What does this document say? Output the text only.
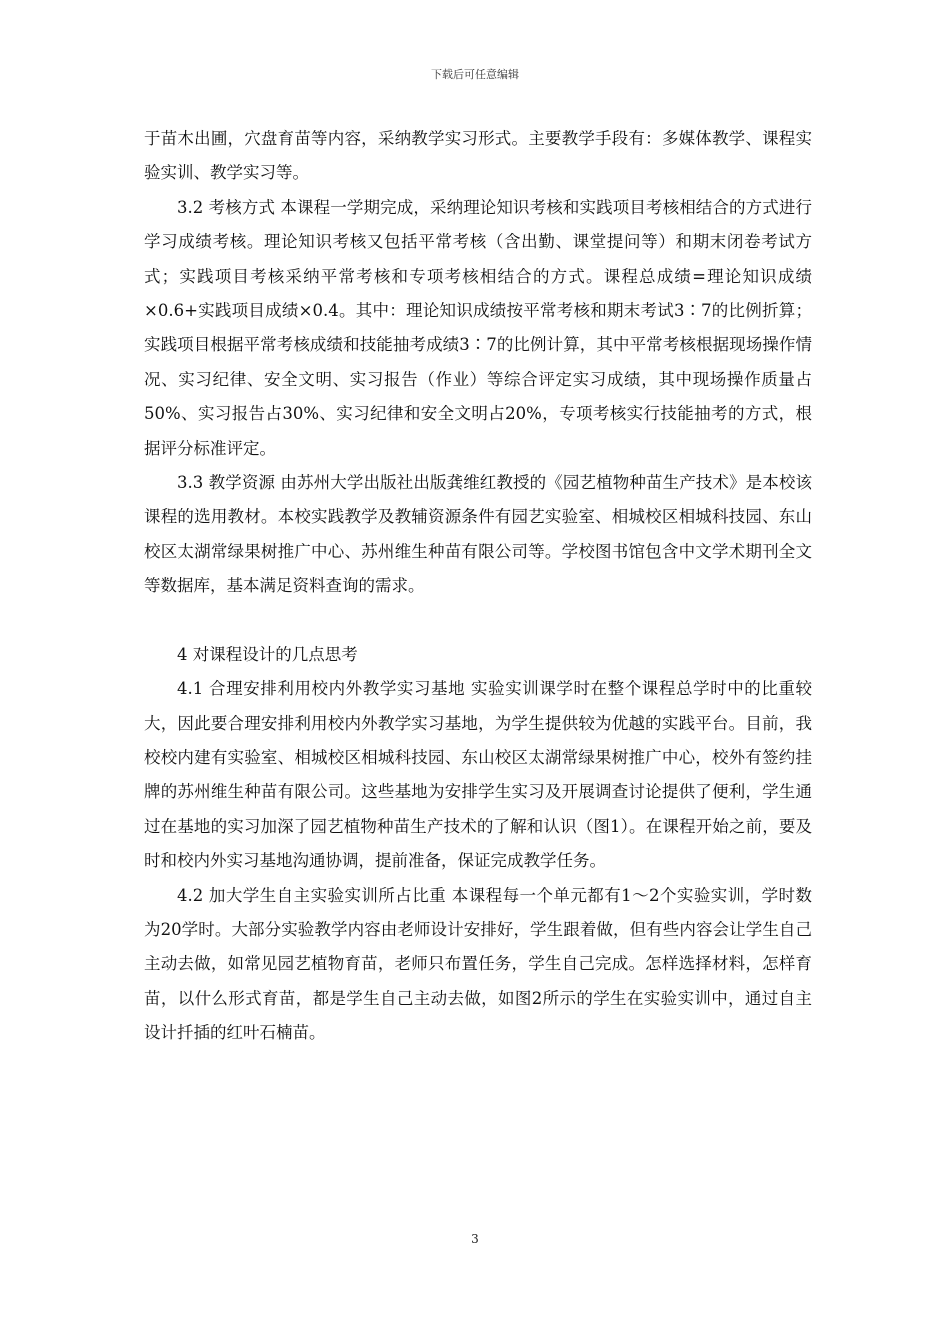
下载后可任意编辑

于苗木出圃，穴盘育苗等内容，采纳教学实习形式。主要教学手段有：多媒体教学、课程实验实训、教学实习等。

3.2 考核方式 本课程一学期完成，采纳理论知识考核和实践项目考核相结合的方式进行学习成绩考核。理论知识考核又包括平常考核（含出勤、课堂提问等）和期末闭卷考试方式；实践项目考核采纳平常考核和专项考核相结合的方式。课程总成绩=理论知识成绩×0.6+实践项目成绩×0.4。其中：理论知识成绩按平常考核和期末考试3∶7的比例折算；实践项目根据平常考核成绩和技能抽考成绩3∶7的比例计算，其中平常考核根据现场操作情况、实习纪律、安全文明、实习报告（作业）等综合评定实习成绩，其中现场操作质量占50%、实习报告占30%、实习纪律和安全文明占20%，专项考核实行技能抽考的方式，根据评分标准评定。

3.3 教学资源 由苏州大学出版社出版龚维红教授的《园艺植物种苗生产技术》是本校该课程的选用教材。本校实践教学及教辅资源条件有园艺实验室、相城校区相城科技园、东山校区太湖常绿果树推广中心、苏州维生种苗有限公司等。学校图书馆包含中文学术期刊全文等数据库，基本满足资料查询的需求。

4 对课程设计的几点思考

4.1 合理安排利用校内外教学实习基地 实验实训课学时在整个课程总学时中的比重较大，因此要合理安排利用校内外教学实习基地，为学生提供较为优越的实践平台。目前，我校校内建有实验室、相城校区相城科技园、东山校区太湖常绿果树推广中心，校外有签约挂牌的苏州维生种苗有限公司。这些基地为安排学生实习及开展调查讨论提供了便利，学生通过在基地的实习加深了园艺植物种苗生产技术的了解和认识（图1）。在课程开始之前，要及时和校内外实习基地沟通协调，提前准备，保证完成教学任务。

4.2 加大学生自主实验实训所占比重 本课程每一个单元都有1～2个实验实训，学时数为20学时。大部分实验教学内容由老师设计安排好，学生跟着做，但有些内容会让学生自己主动去做，如常见园艺植物育苗，老师只布置任务，学生自己完成。怎样选择材料，怎样育苗，以什么形式育苗，都是学生自己主动去做，如图2所示的学生在实验实训中，通过自主设计扦插的红叶石楠苗。

3
